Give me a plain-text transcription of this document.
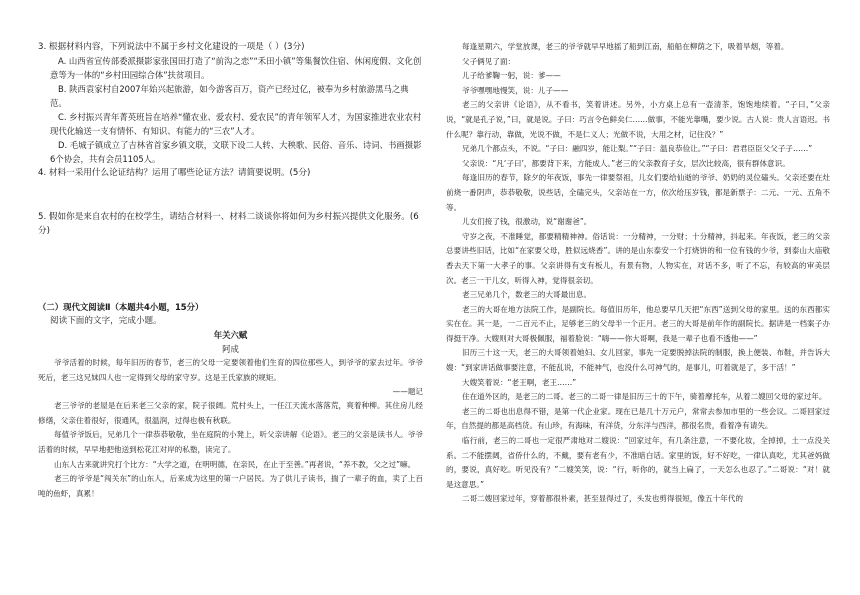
3. 根据材料内容，下列说法中不属于乡村文化建设的一项是（ ）(3分)

A. 山西省宣传部委派摄影家张国田打造了“前沟之恋”“禾田小镇”等集餐饮住宿、休闲度假、文化创意等为一体的“乡村田园综合体”扶贫项目。

B. 陕西袁家村自2007年始兴起旅游，如今游客百万，资产已经过亿，被奉为乡村旅游黑马之典范。

C. 乡村振兴青年菁英班旨在培养“懂农业、爱农村、爱农民”的青年领军人才，为国家推进农业农村现代化输送一支有情怀、有知识、有能力的“三农”人才。

D. 毛城子镇成立了吉林省首家乡镇文联，文联下设二人转、大秧歌、民俗、音乐、诗词、书画摄影6个协会，共有会员1105人。

4. 材料一采用什么论证结构？运用了哪些论证方法？请简要说明。(5分)

5. 假如你是来自农村的在校学生，请结合材料一、材料二谈谈你将如何为乡村振兴提供文化服务。(6分)

（二）现代文阅读Ⅱ（本题共4小题，15分）

阅读下面的文字，完成小题。

年关六赋

阿成

爷爷活着的时候，每年旧历的春节，老三的父母一定要领着他们生育的四位那些人，到爷爷的家去过年。爷爷死后，老三这兄妹四人也一定得到父母的家守岁。这是王氏家族的规矩。

——题记

老三爷爷的老屋是在后来老三父亲的家，院子很阔。荒村头上，一任江天流水落落荒，爽着种柳。其住房儿经修缮，父亲住着很好，很通风，很温润，过得也极有秋联。

每值爷爷饭后，兄弟几个一律恭恭敬敬，坐在庭院的小凳上，听父亲讲解《论语》。老三的父亲是读书人。爷爷活着的时候，早早地把他送到松花江对岸的私塾，读完了。

山东人古来就讲究打个比方：“大学之道，在明明德，在亲民，在止于至善。”再者说，“养不教，父之过”嘛。

老三的爷爷是“闯关东”的山东人，后来成为这里的第一户居民。为了供儿子读书，揣了一辈子的血，卖了上百吨的鱼虾，真累！

每逢星期六，学堂放课，老三的爷爷就早早地摇了船到江南，船船在柳荫之下，吸着旱烟，等着。

父子俩见了面：

儿子给爹鞠一躬，说：爹——

爷爷嘿嘿地慢笑，说：儿子——

老三的父亲讲《论语》，从不看书，笑着讲述。另外，小方桌上总有一壶清茶，饱饱地续着。“子曰，”父亲说，“就是孔子说，”曰，就是说。子曰：巧言令色鲜矣仁……做事，不能光靠嘴，要少说。古人说：贵人言语迟。书什么呢？靠行动，靠做，光说不做，不是仁义人；光做不说，大用之材，记住没？”

兄弟几个都点头，不说。“子曰：融四岁，能让梨。”“子曰：温良恭俭让。”“子曰：君君臣臣父父子子……”

父亲说：“凡‘子曰’，都要背下来，方能成人。”老三的父亲教育子女，层次比较高，很有群体意识。

每逢旧历的春节，除夕的年夜饭，事先一律要祭祖，儿女们要给仙逝的爷爷、奶奶的灵位磕头。父亲还要在灶前烧一番阴声，恭恭敬敬，说些话，全磕完头，父亲站在一方，依次给压岁钱，都是新票子：二元、一元、五角不等。

儿女们接了钱，很激动，说“谢谢爸”。

守岁之夜，不准睡觉，都要精精神神。俗话说：一分精神，一分财；十分精神，抖起来。年夜饭，老三的父亲总要讲些旧话，比如“在家要父母，胜似远烧香”。讲的是山东泰安一个打烧饼的和一位有钱的少爷，到泰山大庙敬香去天下第一大孝子的事。父亲讲得有支有板儿，有景有物，人物实在，对话不多，听了不忘，有较高的审美层次。老三一干儿女，听得入神，觉得很亲切。

老三兄弟几个，数老三的大哥最出息。

老三的大哥在地方法院工作，是副院长。每值旧历年，他总要早几天把“东西”送到父母的家里。送的东西都实实在在。其一是，一二百元不止，足够老三的父母半一个正月。老三的大哥是前年作的副院长。据讲是一档案子办得挺干净。大嫂则对大哥极佩服，福着脸说：“嗨——你大哥啊，我是一辈子也看不透他——”

旧历三十这一天，老三的大哥领着她妇、女儿回家，事先一定要脱掉法院的制服，换上便装、布鞋，并告诉大嫂：“到家讲话做事要注意，不能乱说，不能神气，也没什么可神气的，是事儿，叮着就是了，多干活！”

大嫂笑着说：“老王啊，老王……”

住在道外区的，是老三的二哥。老三的二哥一律是旧历三十的下午，骑着摩托车，从着二嫂回父母的家过年。

老三的二哥也出息得不错，是第一代企业家。现在已是几十万元户，常常去参加市里的一些会议。二哥回家过年，自然提的都是高档货。有山珍，有海味，有洋货，分东洋与西洋，都很名贵，看着净有请失。

临行前，老三的二哥也一定很严肃地对二嫂说：“回家过年，有几条注意，一不要化妆，全掉掉，土一点没关系。二不能摆阔，省侨什么的，不戴，要有老有少，不准暗白话。家里的饭，好不好吃，一律认真吃，尤其爸妈做的，要说，真好吃。听见没有？”二嫂笑笑，说：“行，听你的，就当上扁了，一天怎么也忍了。”二哥说：“对！就是这意思。”

二哥二嫂回家过年，穿着都很朴素，甚至显得过了，头发也剪得很短，像五十年代的
